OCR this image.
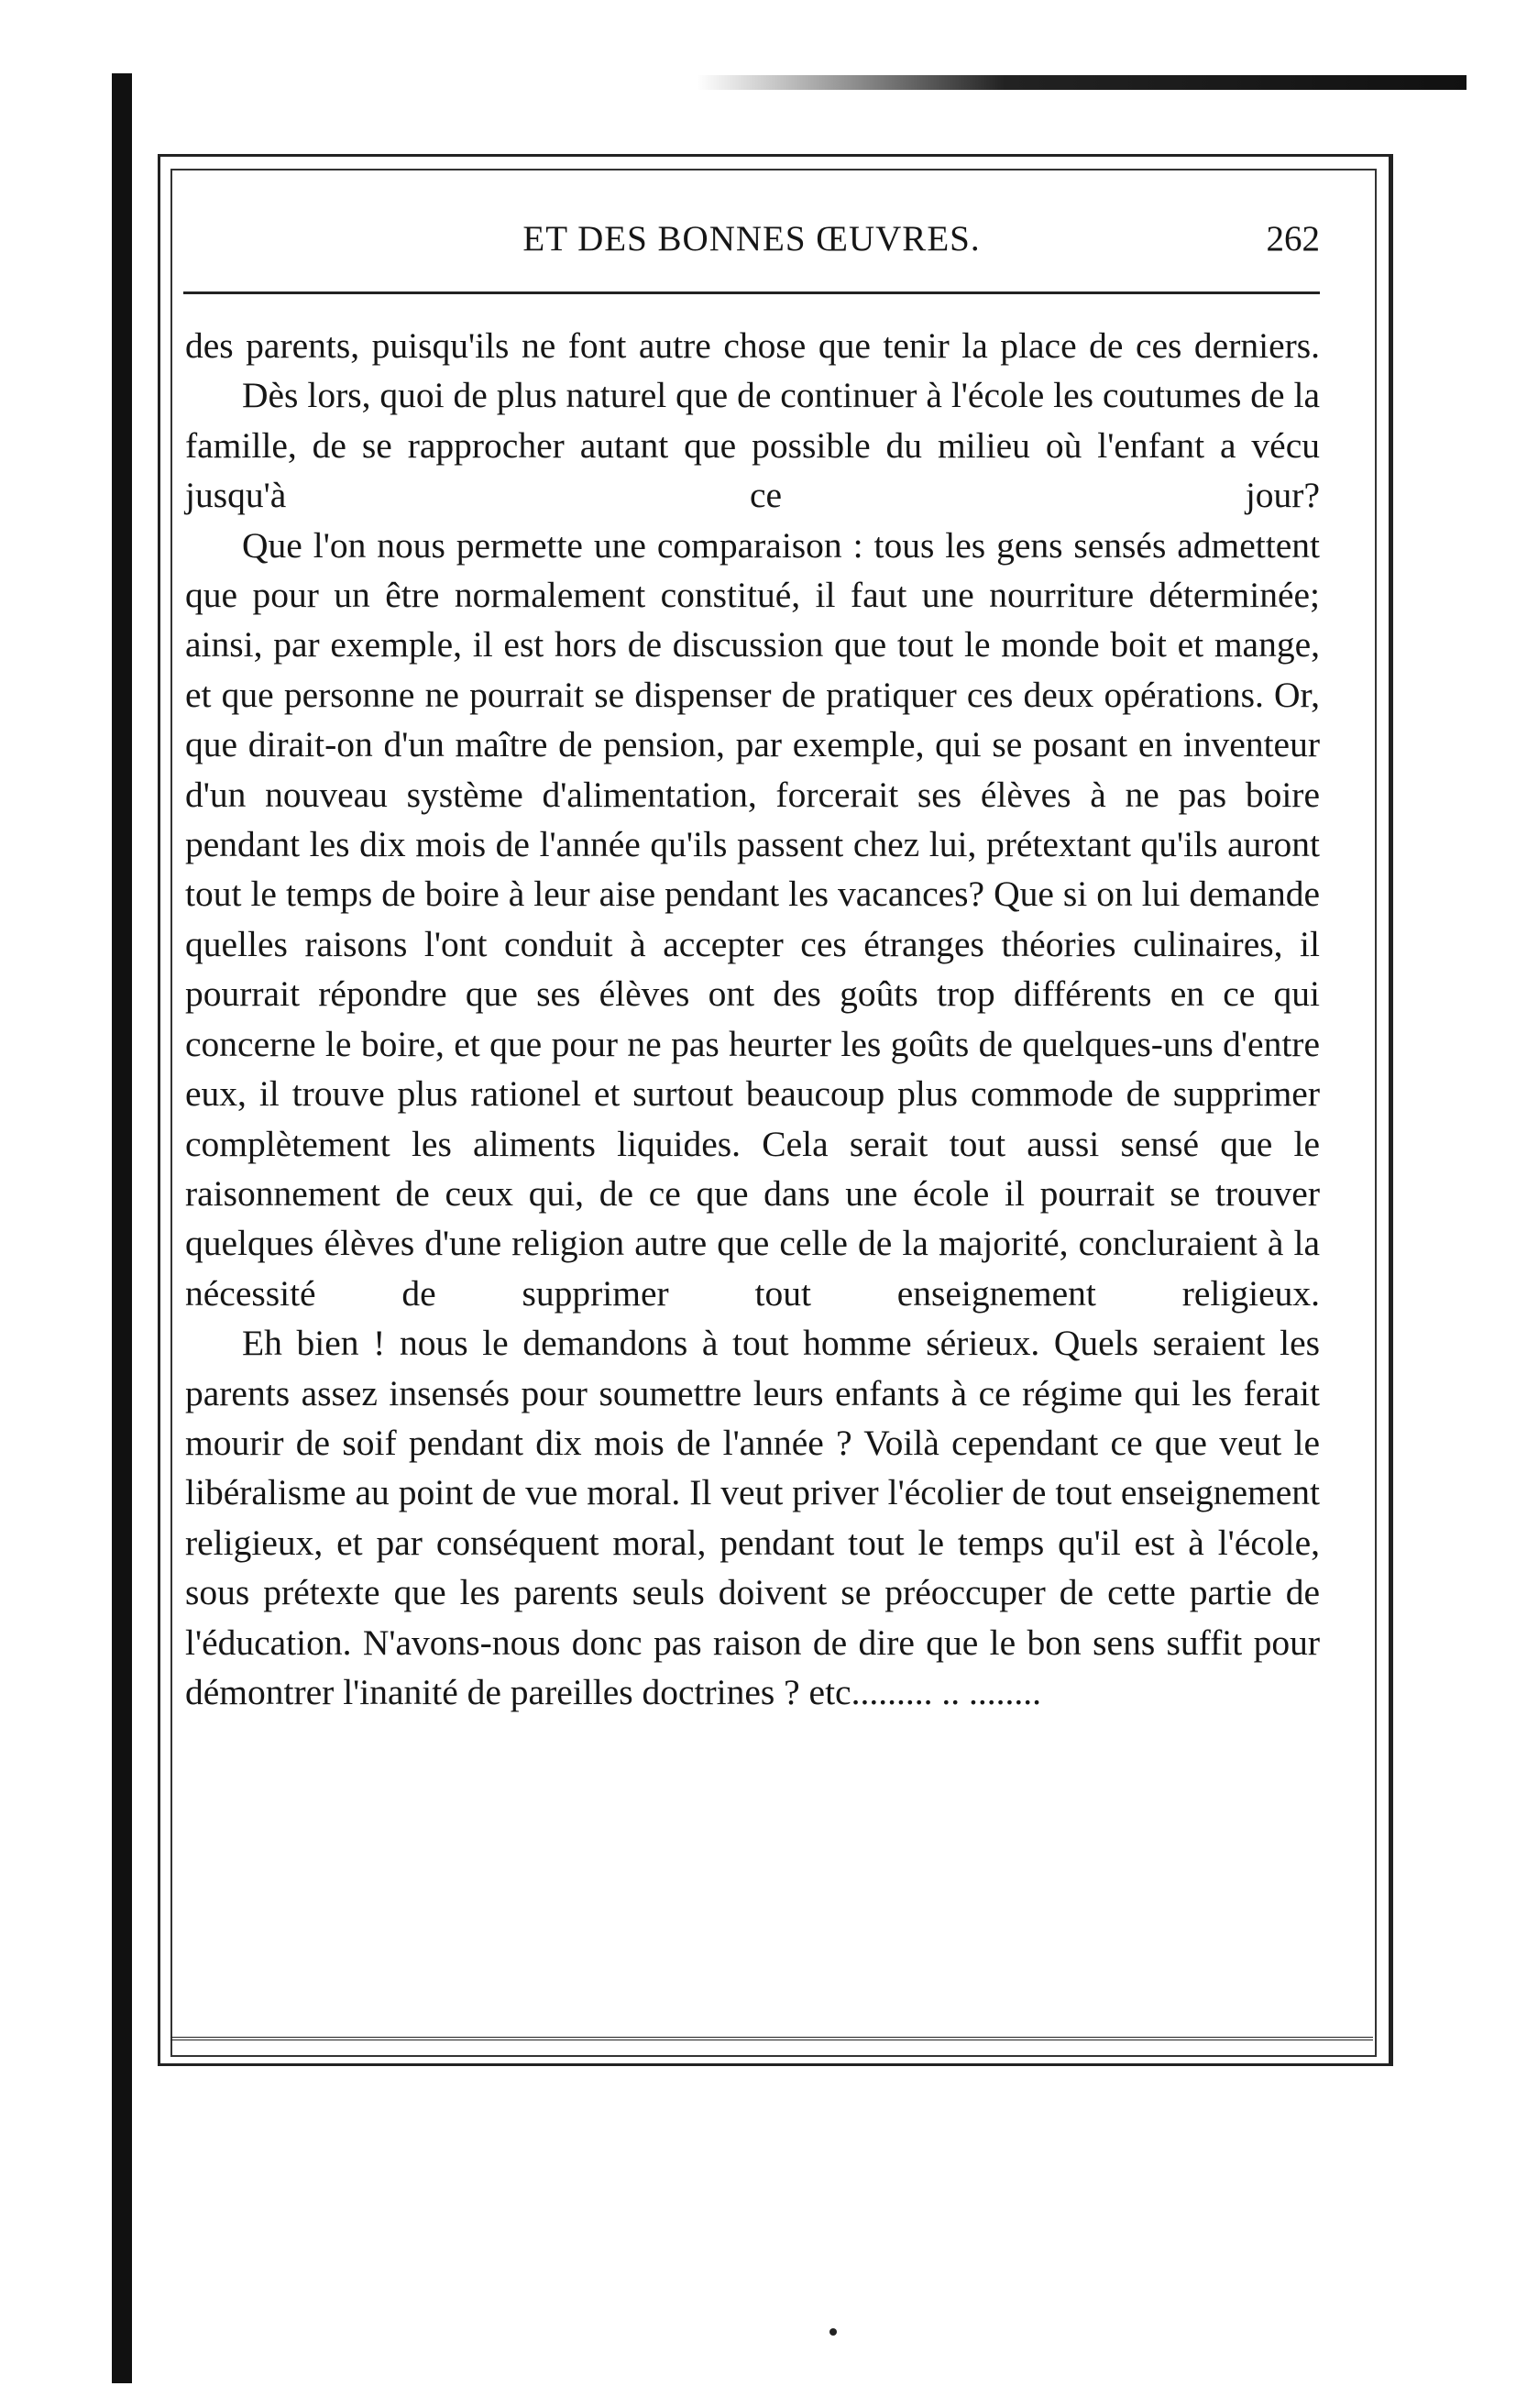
ET DES BONNES ŒUVRES.	262

des parents, puisqu'ils ne font autre chose que tenir la place de ces derniers.

Dès lors, quoi de plus naturel que de continuer à l'école les coutumes de la famille, de se rapprocher autant que possible du milieu où l'enfant a vécu jusqu'à ce jour?

Que l'on nous permette une comparaison : tous les gens sensés admettent que pour un être normalement constitué, il faut une nourriture déterminée; ainsi, par exemple, il est hors de discussion que tout le monde boit et mange, et que personne ne pourrait se dispenser de pratiquer ces deux opérations. Or, que dirait-on d'un maître de pension, par exemple, qui se posant en inventeur d'un nouveau système d'alimentation, forcerait ses élèves à ne pas boire pendant les dix mois de l'année qu'ils passent chez lui, prétextant qu'ils auront tout le temps de boire à leur aise pendant les vacances? Que si on lui demande quelles raisons l'ont conduit à accepter ces étranges théories culinaires, il pourrait répondre que ses élèves ont des goûts trop différents en ce qui concerne le boire, et que pour ne pas heurter les goûts de quelques-uns d'entre eux, il trouve plus rationel et surtout beaucoup plus commode de supprimer complètement les aliments liquides. Cela serait tout aussi sensé que le raisonnement de ceux qui, de ce que dans une école il pourrait se trouver quelques élèves d'une religion autre que celle de la majorité, concluraient à la nécessité de supprimer tout enseignement religieux.

Eh bien ! nous le demandons à tout homme sérieux. Quels seraient les parents assez insensés pour soumettre leurs enfants à ce régime qui les ferait mourir de soif pendant dix mois de l'année ? Voilà cependant ce que veut le libéralisme au point de vue moral. Il veut priver l'écolier de tout enseignement religieux, et par conséquent moral, pendant tout le temps qu'il est à l'école, sous prétexte que les parents seuls doivent se préoccuper de cette partie de l'éducation. N'avons-nous donc pas raison de dire que le bon sens suffit pour démontrer l'inanité de pareilles doctrines ? etc......... .. ........
